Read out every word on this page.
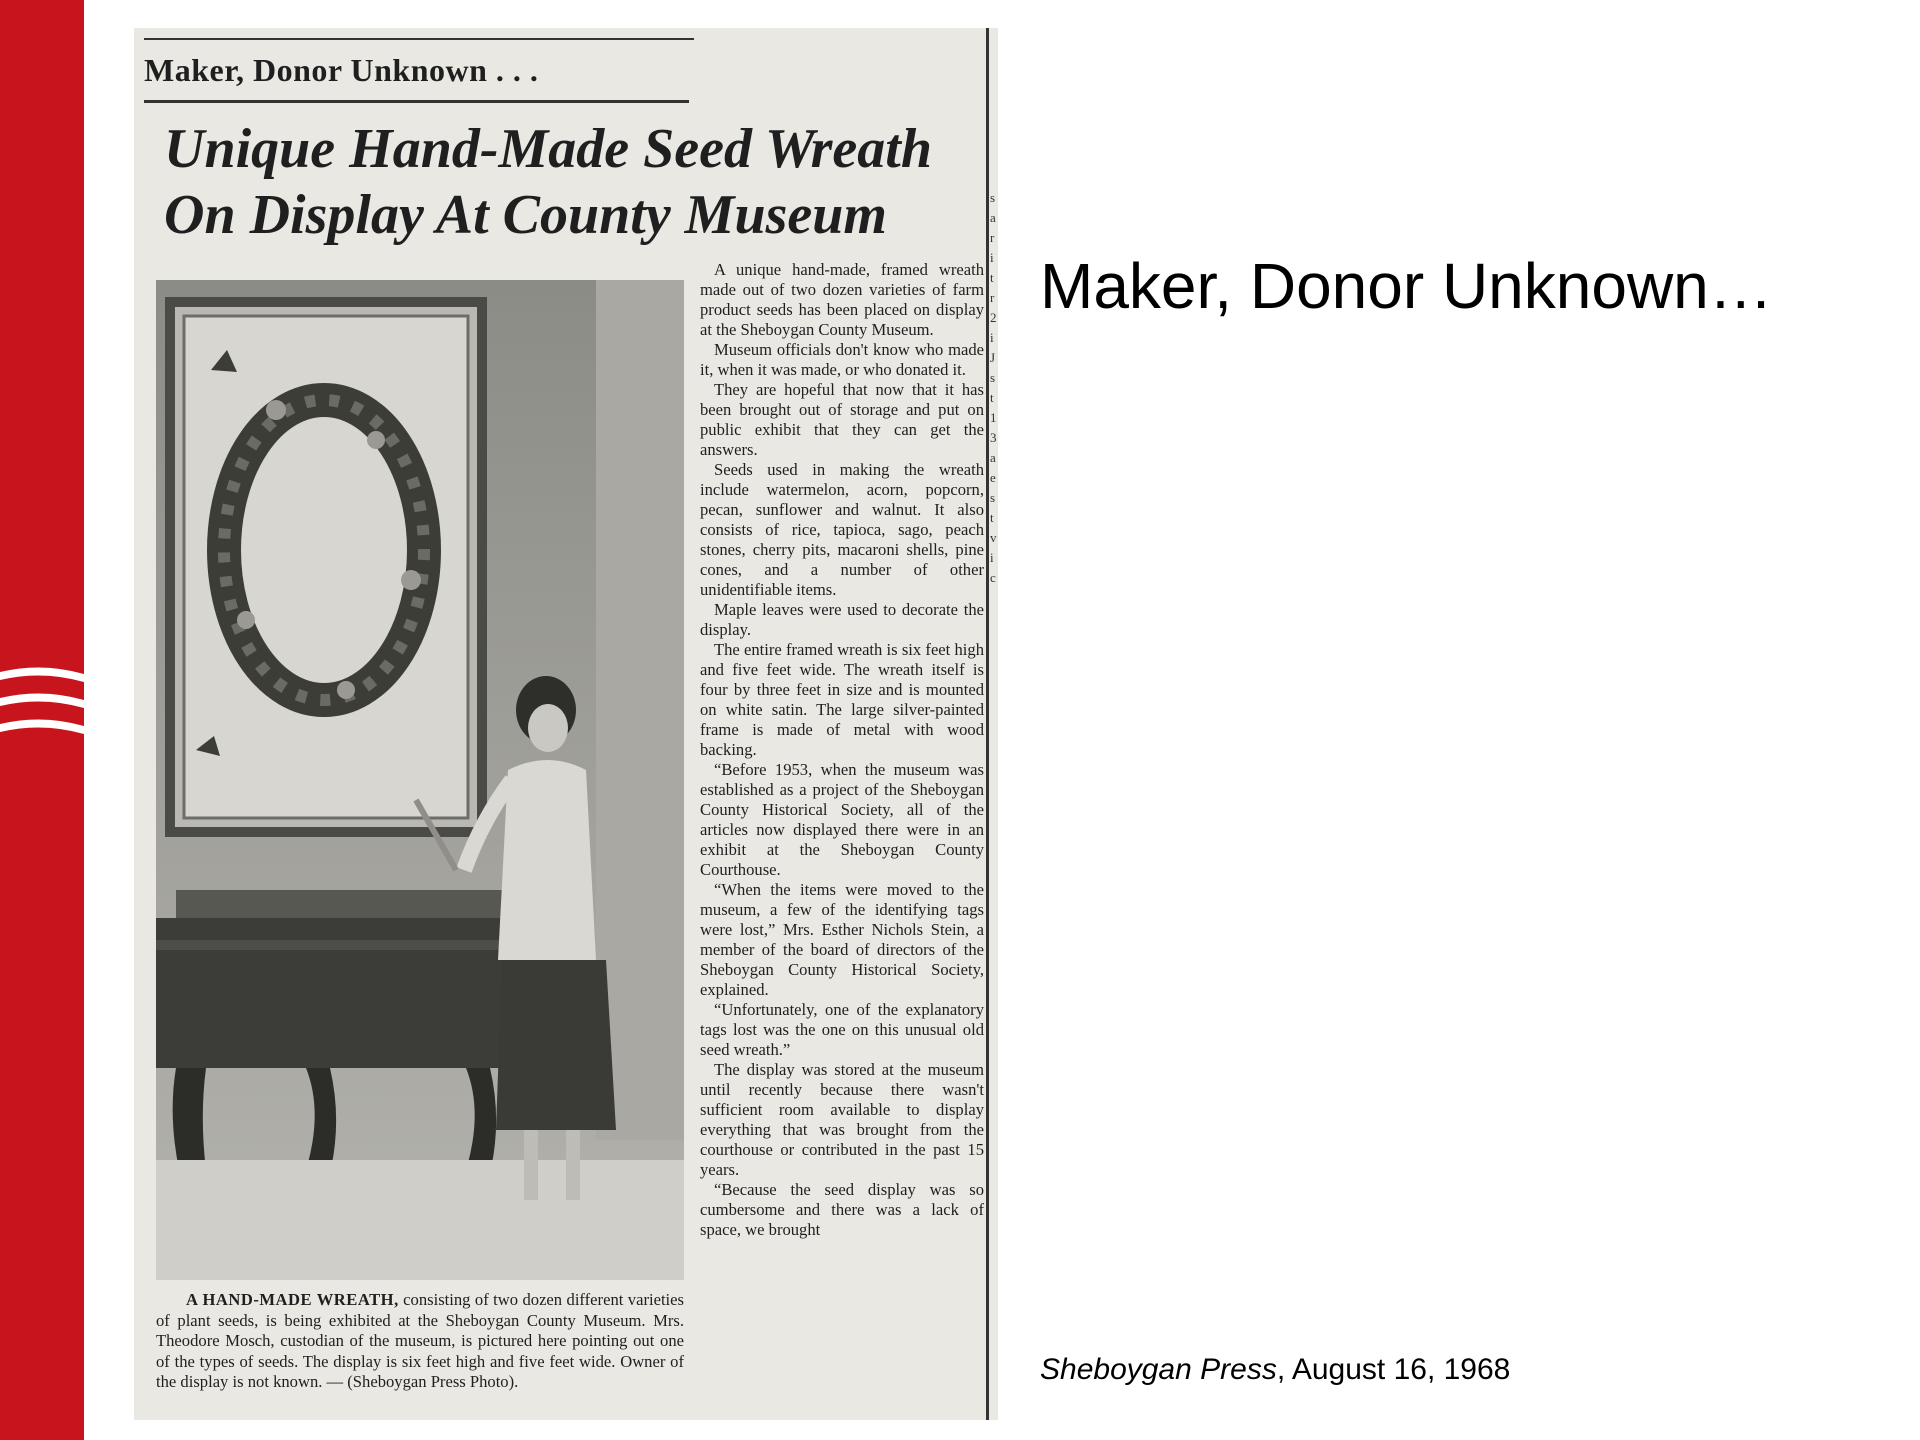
Maker, Donor Unknown . . .
Unique Hand-Made Seed Wreath
On Display At County Museum

A unique hand-made, framed wreath made out of two dozen varieties of farm product seeds has been placed on display at the Sheboygan County Museum.

Museum officials don't know who made it, when it was made, or who donated it.

They are hopeful that now that it has been brought out of storage and put on public exhibit that they can get the answers.

Seeds used in making the wreath include watermelon, acorn, popcorn, pecan, sunflower and walnut. It also consists of rice, tapioca, sago, peach stones, cherry pits, macaroni shells, pine cones, and a number of other unidentifiable items.

Maple leaves were used to decorate the display.

The entire framed wreath is six feet high and five feet wide. The wreath itself is four by three feet in size and is mounted on white satin. The large silver-painted frame is made of metal with wood backing.

“Before 1953, when the museum was established as a project of the Sheboygan County Historical Society, all of the articles now displayed there were in an exhibit at the Sheboygan County Courthouse.

“When the items were moved to the museum, a few of the identifying tags were lost,” Mrs. Esther Nichols Stein, a member of the board of directors of the Sheboygan County Historical Society, explained.

“Unfortunately, one of the explanatory tags lost was the one on this unusual old seed wreath.”

The display was stored at the museum until recently because there wasn't sufficient room available to display everything that was brought from the courthouse or contributed in the past 15 years.

“Because the seed display was so cumbersome and there was a lack of space, we brought

A HAND-MADE WREATH, consisting of two dozen different varieties of plant seeds, is being exhibited at the Sheboygan County Museum. Mrs. Theodore Mosch, custodian of the museum, is pictured here pointing out one of the types of seeds. The display is six feet high and five feet wide. Owner of the display is not known. — (Sheboygan Press Photo).

s a r i t r 2 i J s t 1 3 a e s t v i c
Maker, Donor Unknown…
Sheboygan Press, August 16, 1968
